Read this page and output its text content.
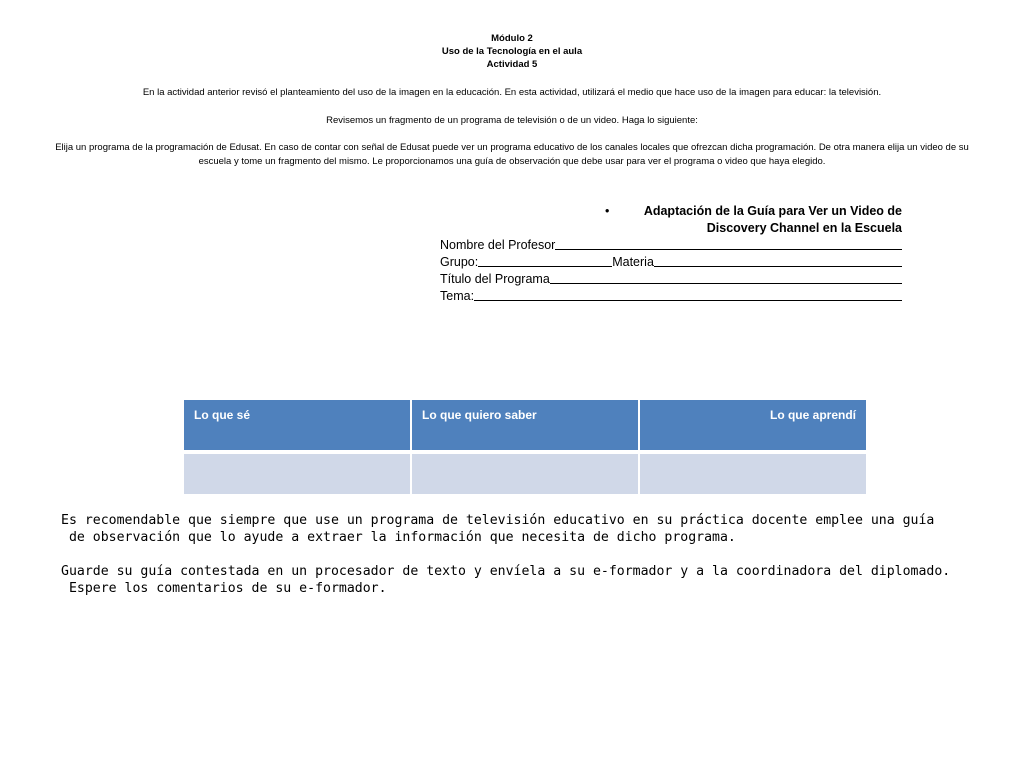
Módulo 2
Uso de la Tecnología en el aula
Actividad 5
En la actividad anterior revisó el planteamiento del uso de la imagen en la educación. En esta actividad, utilizará el medio que hace uso de la imagen para educar: la televisión.
Revisemos un fragmento de un programa de televisión o de un video. Haga lo siguiente:
Elija un programa de la programación de Edusat. En caso de contar con señal de Edusat puede ver un programa educativo de los canales locales que ofrezcan dicha programación. De otra manera elija un video de su escuela y tome un fragmento del mismo. Le proporcionamos una guía de observación que debe usar para ver el programa o video que haya elegido.
•	Adaptación de la Guía para Ver un Video de Discovery Channel en la Escuela
Nombre del Profesor
Grupo:	Materia
Título del Programa
Tema:
Lo que sé	Lo que quiero saber	Lo que aprendí

Es recomendable que siempre que use un programa de televisión educativo en su práctica docente emplee una guía
de observación que lo ayude a extraer la información que necesita de dicho programa.
Guarde su guía contestada en un procesador de texto y envíela a su e-formador y a la coordinadora del diplomado.
Espere los comentarios de su e-formador.
